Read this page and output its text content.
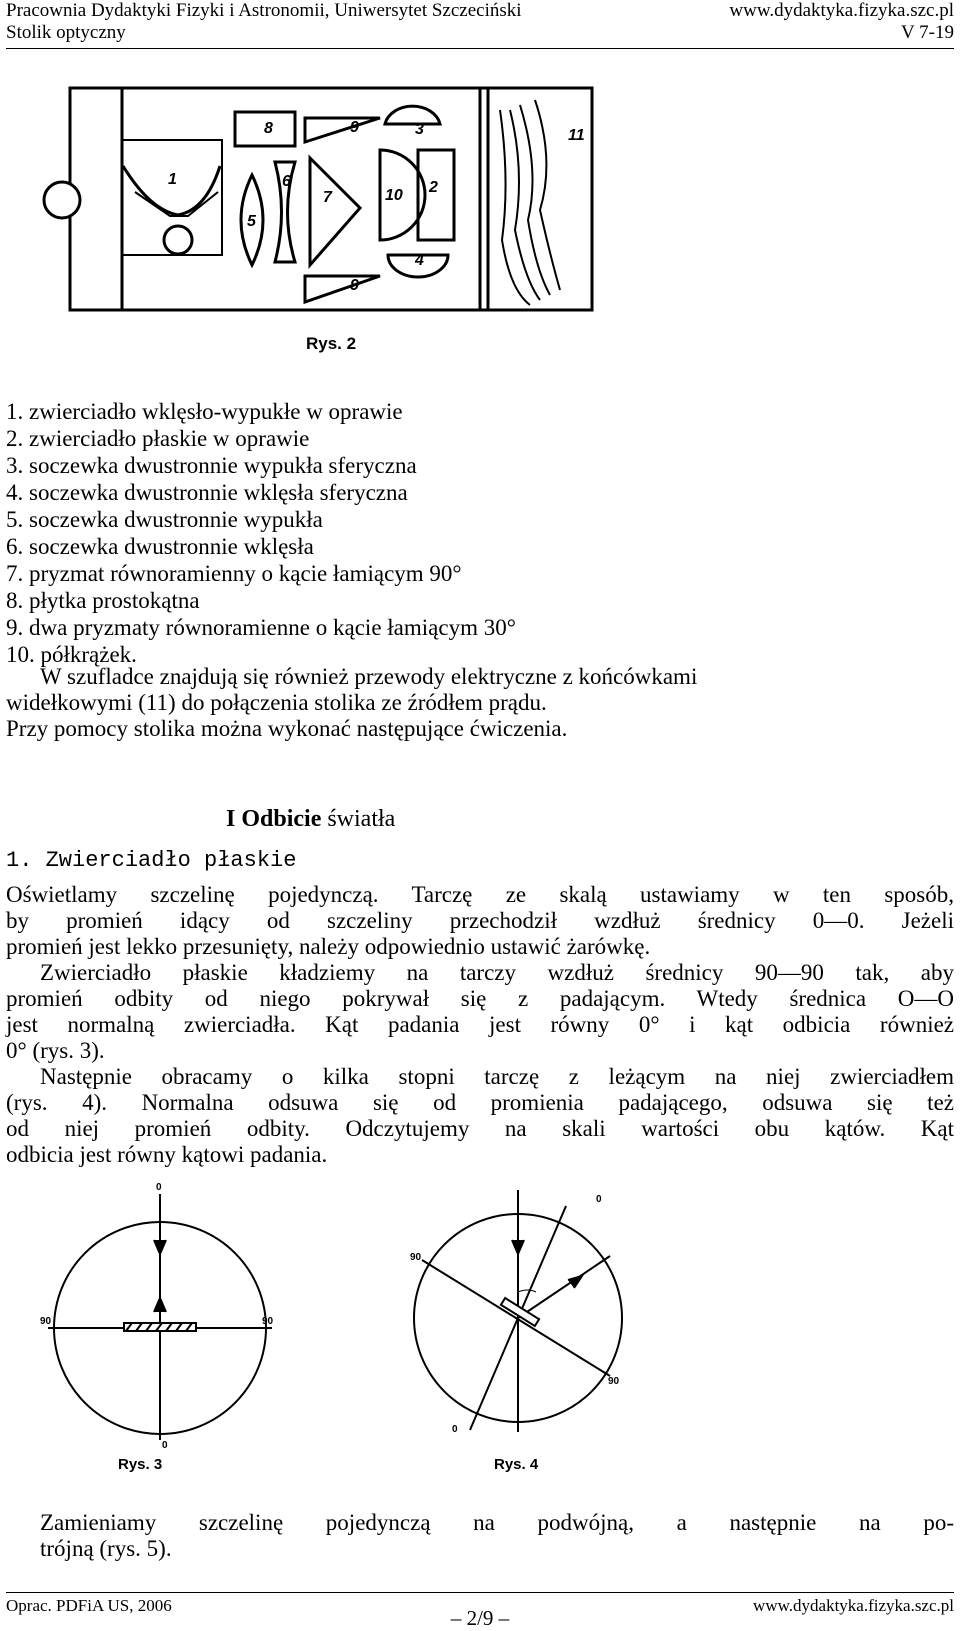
Pracownia Dydaktyki Fizyki i Astronomii, Uniwersytet Szczeciński	www.dydaktyka.fizyka.szc.pl
Stolik optyczny	V 7-19
1	2
3
4
5
6
7
8	9
9
10
11
Rys. 2
1. zwierciadło wklęsło-wypukłe w oprawie
2. zwierciadło płaskie w oprawie
3. soczewka dwustronnie wypukła sferyczna
4. soczewka dwustronnie wklęsła sferyczna
5. soczewka dwustronnie wypukła
6. soczewka dwustronnie wklęsła
7. pryzmat równoramienny o kącie łamiącym 90°
8. płytka prostokątna
9. dwa pryzmaty równoramienne o kącie łamiącym 30°
10. półkrążek.
W szufladce znajdują się również przewody elektryczne z końcówkami
widełkowymi (11) do połączenia stolika ze źródłem prądu.
Przy pomocy stolika można wykonać następujące ćwiczenia.
I Odbicie światła
1. Zwierciadło płaskie
Oświetlamy szczelinę pojedynczą. Tarczę ze skalą ustawiamy w ten sposób,
by promień idący od szczeliny przechodził wzdłuż średnicy 0—0. Jeżeli
promień jest lekko przesunięty, należy odpowiednio ustawić żarówkę.
Zwierciadło płaskie kładziemy na tarczy wzdłuż średnicy 90—90 tak, aby
promień odbity od niego pokrywał się z padającym. Wtedy średnica O—O
jest normalną zwierciadła. Kąt padania jest równy 0° i kąt odbicia również
0° (rys. 3).
Następnie obracamy o kilka stopni tarczę z leżącym na niej zwierciadłem
(rys. 4). Normalna odsuwa się od promienia padającego, odsuwa się też
od niej promień odbity. Odczytujemy na skali wartości obu kątów. Kąt
odbicia jest równy kątowi padania.
0
90	90
0
Rys. 3
0
90
90
0
Rys. 4
Zamieniamy szczelinę pojedynczą na podwójną, a następnie na po-
trójną (rys. 5).
Oprac. PDFiA US, 2006	www.dydaktyka.fizyka.szc.pl
– 2/9 –
